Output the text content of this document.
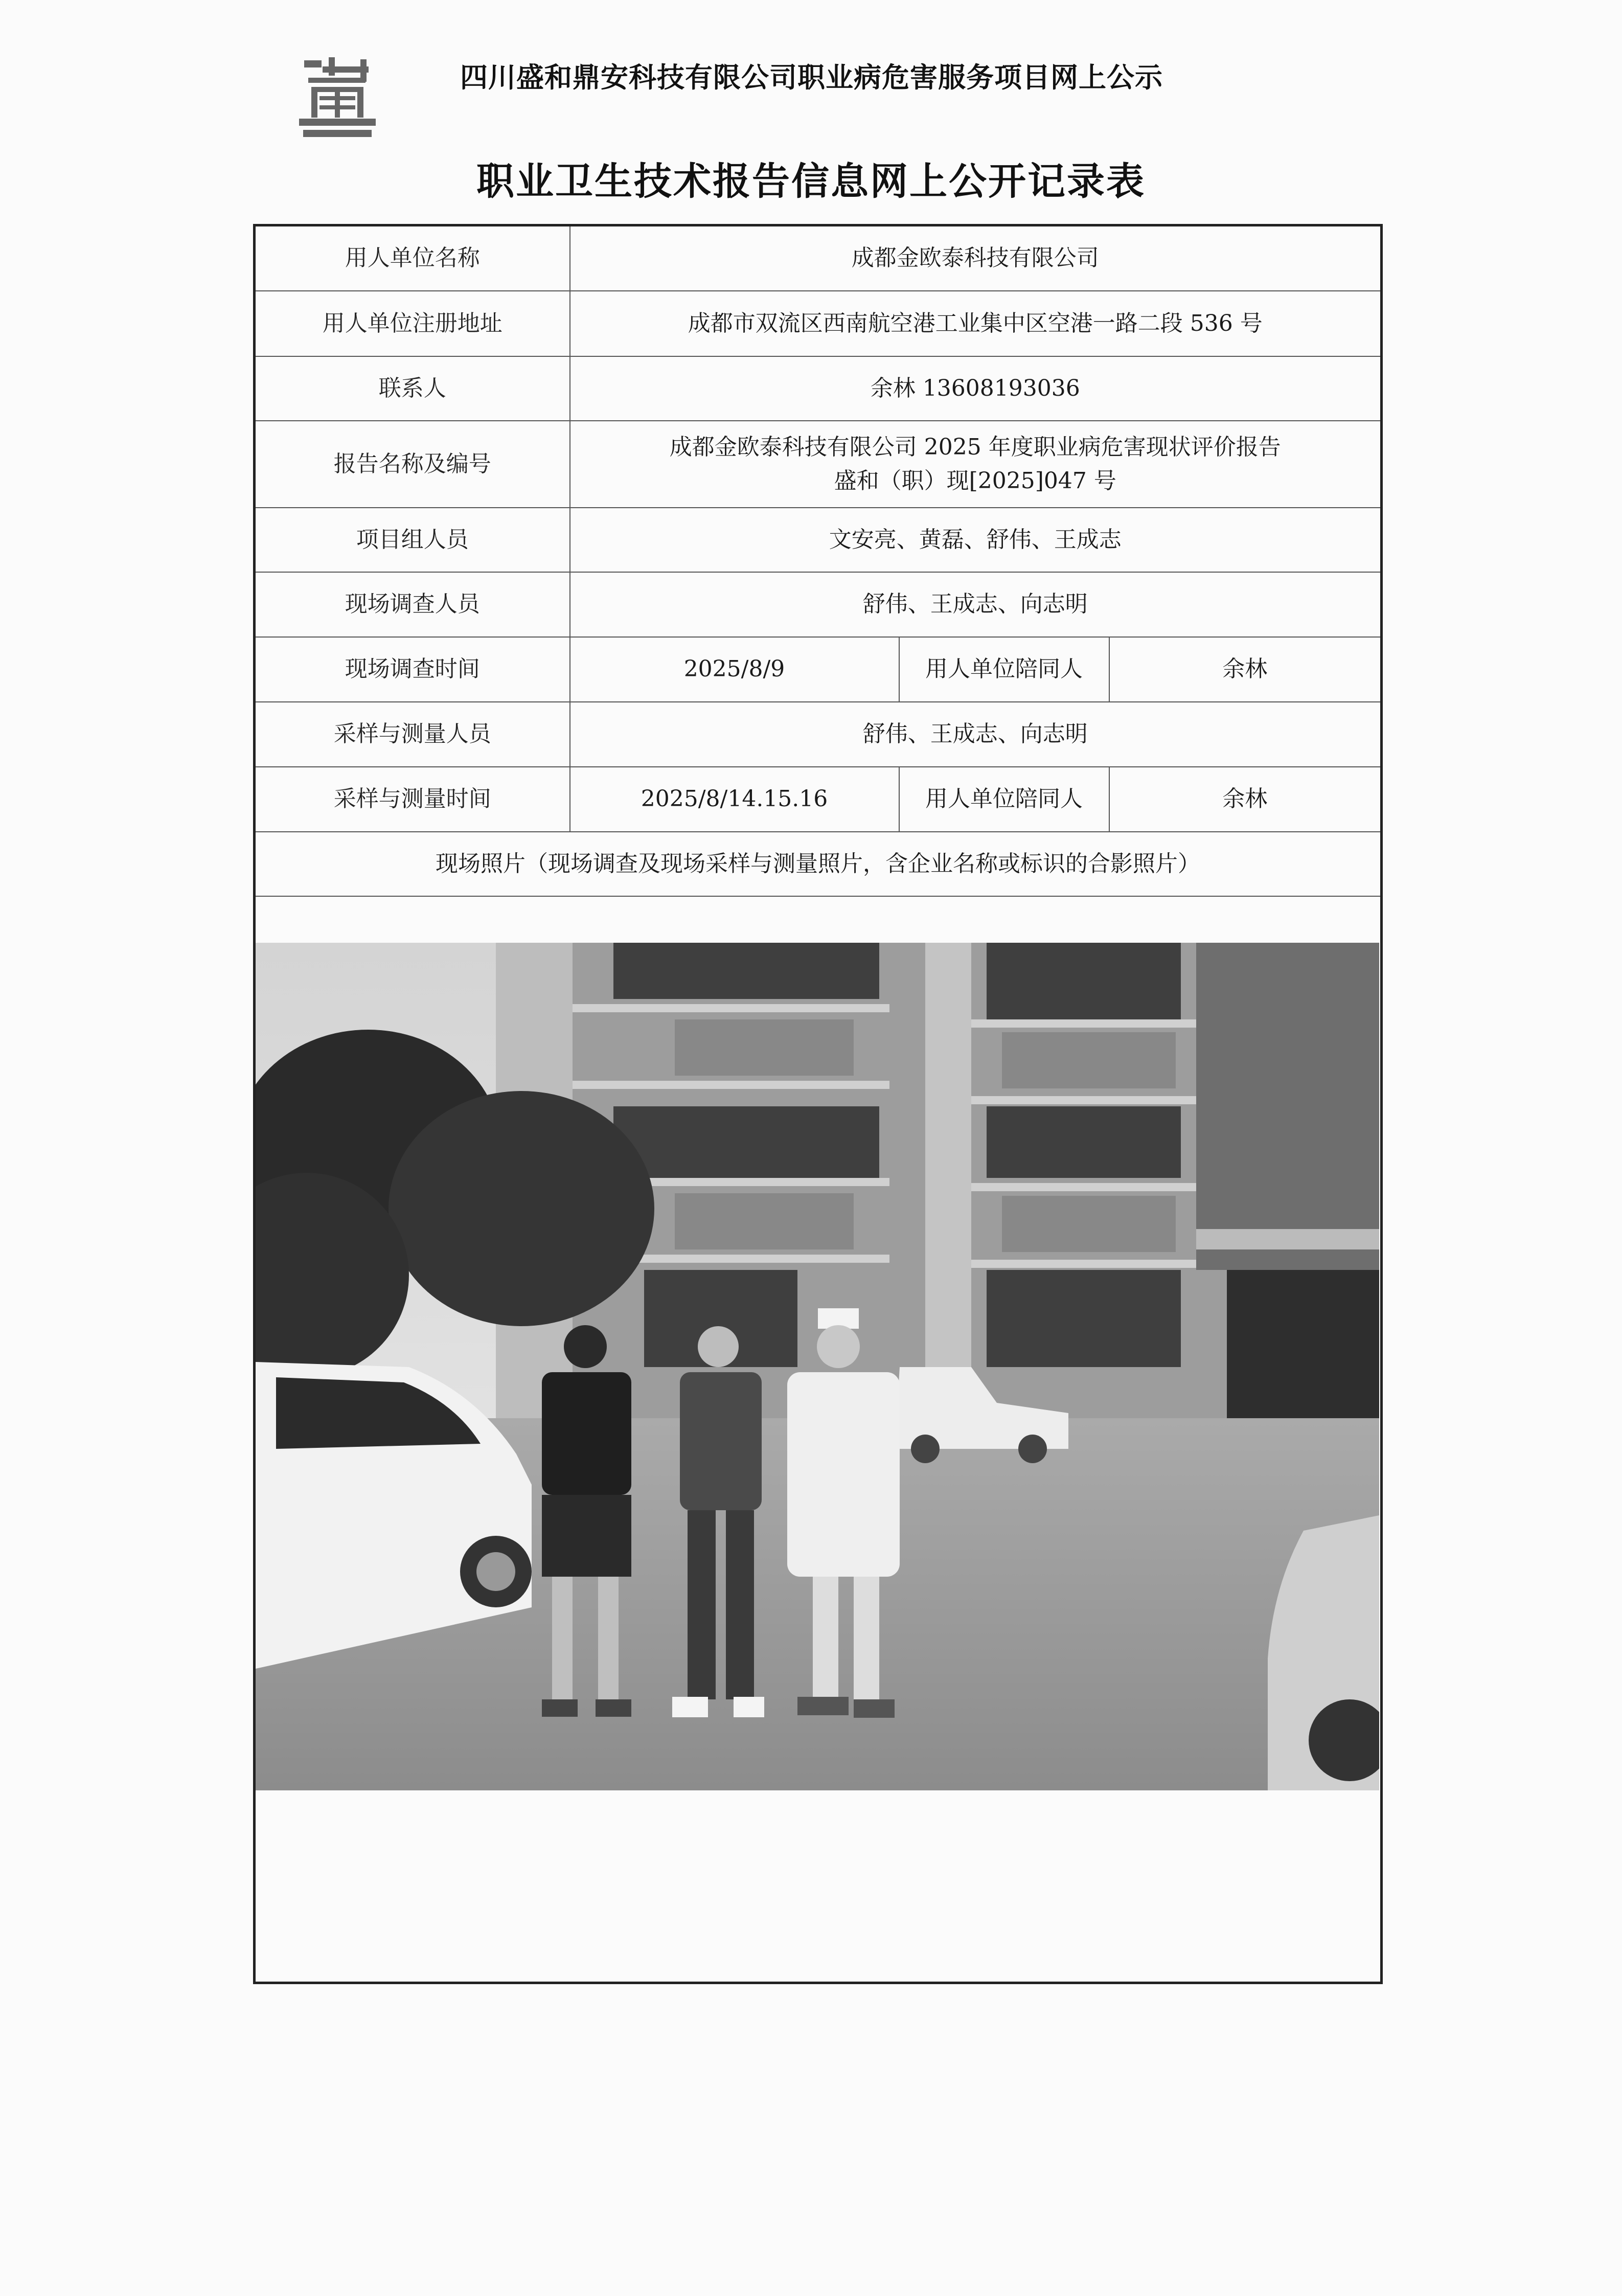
四川盛和鼎安科技有限公司职业病危害服务项目网上公示
职业卫生技术报告信息网上公开记录表
用人单位名称	成都金欧泰科技有限公司		
用人单位注册地址	成都市双流区西南航空港工业集中区空港一路二段 536 号		
联系人	余林 13608193036		
报告名称及编号	成都金欧泰科技有限公司 2025 年度职业病危害现状评价报告
盛和（职）现[2025]047 号		

项目组人员	文安亮、黄磊、舒伟、王成志		
现场调查人员	舒伟、王成志、向志明		
现场调查时间	2025/8/9	用人单位陪同人	余林
采样与测量人员	舒伟、王成志、向志明		
采样与测量时间	2025/8/14.15.16	用人单位陪同人	余林
现场照片（现场调查及现场采样与测量照片，含企业名称或标识的合影照片）			
